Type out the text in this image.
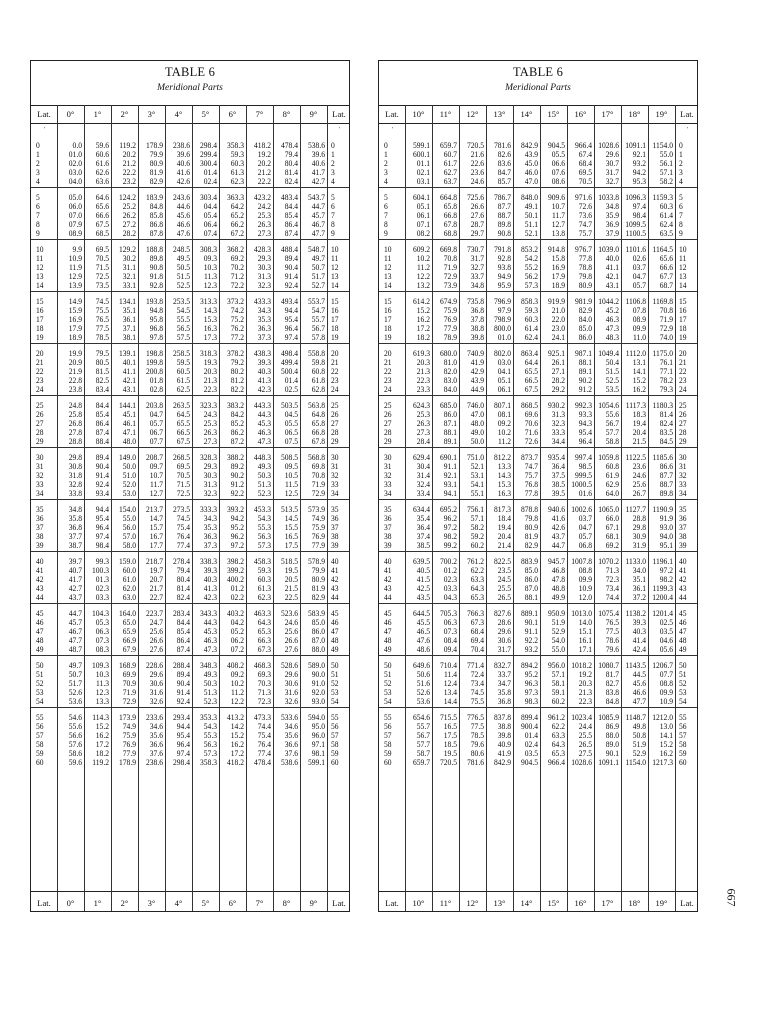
TABLE 6
Meridional Parts
Lat.	0°	1°	2°	3°	4°	5°	6°	7°	8°	9°	Lat.
Lat.	0°	1°	2°	3°	4°	5°	6°	7°	8°	9°	Lat.
′	′
0	0.0	59.6	119.2	178.9	238.6	298.4	358.3	418.2	478.4	538.6 0
1	01.0	60.6	20.2	79.9	39.6	299.4	59.3	19.2	79.4	39.6 1
2	02.0	61.6	21.2	80.9	40.6	300.4	60.3	20.2	80.4	40.6 2
3	03.0	62.6	22.2	81.9	41.6	01.4	61.3	21.2	81.4	41.7 3
4	04.0	63.6	23.2	82.9	42.6	02.4	62.3	22.2	82.4	42.7 4
5	05.0	64.6	124.2	183.9	243.6	303.4	363.3	423.2	483.4	543.7 5
6	06.0	65.6	25.2	84.8	44.6	04.4	64.2	24.2	84.4	44.7 6
7	07.0	66.6	26.2	85.8	45.6	05.4	65.2	25.3	85.4	45.7 7
8	07.9	67.5	27.2	86.8	46.6	06.4	66.2	26.3	86.4	46.7 8
9	08.9	68.5	28.2	87.8	47.6	07.4	67.2	27.3	87.4	47.7 9
10	9.9	69.5	129.2	188.8	248.5	308.3	368.2	428.3	488.4	548.7 10
11	10.9	70.5	30.2	89.8	49.5	09.3	69.2	29.3	89.4	49.7 11
12	11.9	71.5	31.1	90.8	50.5	10.3	70.2	30.3	90.4	50.7 12
13	12.9	72.5	32.1	91.8	51.5	11.3	71.2	31.3	91.4	51.7 13
14	13.9	73.5	33.1	92.8	52.5	12.3	72.2	32.3	92.4	52.7 14
15	14.9	74.5	134.1	193.8	253.5	313.3	373.2	433.3	493.4	553.7 15
16	15.9	75.5	35.1	94.8	54.5	14.3	74.2	34.3	94.4	54.7 16
17	16.9	76.5	36.1	95.8	55.5	15.3	75.2	35.3	95.4	55.7 17
18	17.9	77.5	37.1	96.8	56.5	16.3	76.2	36.3	96.4	56.7 18
19	18.9	78.5	38.1	97.8	57.5	17.3	77.2	37.3	97.4	57.8 19
20	19.9	79.5	139.1	198.8	258.5	318.3	378.2	438.3	498.4	558.8 20
21	20.9	80.5	40.1	199.8	59.5	19.3	79.2	39.3	499.4	59.8 21
22	21.9	81.5	41.1	200.8	60.5	20.3	80.2	40.3	500.4	60.8 22
23	22.8	82.5	42.1	01.8	61.5	21.3	81.2	41.3	01.4	61.8 23
24	23.8	83.4	43.1	02.8	62.5	22.3	82.2	42.3	02.5	62.8 24
25	24.8	84.4	144.1	203.8	263.5	323.3	383.2	443.3	503.5	563.8 25
26	25.8	85.4	45.1	04.7	64.5	24.3	84.2	44.3	04.5	64.8 26
27	26.8	86.4	46.1	05.7	65.5	25.3	85.2	45.3	05.5	65.8 27
28	27.8	87.4	47.1	06.7	66.5	26.3	86.2	46.3	06.5	66.8 28
29	28.8	88.4	48.0	07.7	67.5	27.3	87.2	47.3	07.5	67.8 29
30	29.8	89.4	149.0	208.7	268.5	328.3	388.2	448.3	508.5	568.8 30
31	30.8	90.4	50.0	09.7	69.5	29.3	89.2	49.3	09.5	69.8 31
32	31.8	91.4	51.0	10.7	70.5	30.3	90.2	50.3	10.5	70.8 32
33	32.8	92.4	52.0	11.7	71.5	31.3	91.2	51.3	11.5	71.9 33
34	33.8	93.4	53.0	12.7	72.5	32.3	92.2	52.3	12.5	72.9 34
35	34.8	94.4	154.0	213.7	273.5	333.3	393.2	453.3	513.5	573.9 35
36	35.8	95.4	55.0	14.7	74.5	34.3	94.2	54.3	14.5	74.9 36
37	36.8	96.4	56.0	15.7	75.4	35.3	95.2	55.3	15.5	75.9 37
38	37.7	97.4	57.0	16.7	76.4	36.3	96.2	56.3	16.5	76.9 38
39	38.7	98.4	58.0	17.7	77.4	37.3	97.2	57.3	17.5	77.9 39
40	39.7	99.3	159.0	218.7	278.4	338.3	398.2	458.3	518.5	578.9 40
41	40.7	100.3	60.0	19.7	79.4	39.3	399.2	59.3	19.5	79.9 41
42	41.7	01.3	61.0	20.7	80.4	40.3	400.2	60.3	20.5	80.9 42
43	42.7	02.3	62.0	21.7	81.4	41.3	01.2	61.3	21.5	81.9 43
44	43.7	03.3	63.0	22.7	82.4	42.3	02.2	62.3	22.5	82.9 44
45	44.7	104.3	164.0	223.7	283.4	343.3	403.2	463.3	523.6	583.9 45
46	45.7	05.3	65.0	24.7	84.4	44.3	04.2	64.3	24.6	85.0 46
47	46.7	06.3	65.9	25.6	85.4	45.3	05.2	65.3	25.6	86.0 47
48	47.7	07.3	66.9	26.6	86.4	46.3	06.2	66.3	26.6	87.0 48
49	48.7	08.3	67.9	27.6	87.4	47.3	07.2	67.3	27.6	88.0 49
50	49.7	109.3	168.9	228.6	288.4	348.3	408.2	468.3	528.6	589.0 50
51	50.7	10.3	69.9	29.6	89.4	49.3	09.2	69.3	29.6	90.0 51
52	51.7	11.3	70.9	30.6	90.4	50.3	10.2	70.3	30.6	91.0 52
53	52.6	12.3	71.9	31.6	91.4	51.3	11.2	71.3	31.6	92.0 53
54	53.6	13.3	72.9	32.6	92.4	52.3	12.2	72.3	32.6	93.0 54
55	54.6	114.3	173.9	233.6	293.4	353.3	413.2	473.3	533.6	594.0 55
56	55.6	15.2	74.9	34.6	94.4	54.3	14.2	74.4	34.6	95.0 56
57	56.6	16.2	75.9	35.6	95.4	55.3	15.2	75.4	35.6	96.0 57
58	57.6	17.2	76.9	36.6	96.4	56.3	16.2	76.4	36.6	97.1 58
59	58.6	18.2	77.9	37.6	97.4	57.3	17.2	77.4	37.6	98.1 59
60	59.6	119.2	178.9	238.6	298.4	358.3	418.2	478.4	538.6	599.1 60
TABLE 6
Meridional Parts
Lat.	10°	11°	12°	13°	14°	15°	16°	17°	18°	19°	Lat.
Lat.	10°	11°	12°	13°	14°	15°	16°	17°	18°	19°	Lat.
′	′
0	599.1	659.7	720.5	781.6	842.9	904.5	966.4 1028.6 1091.1 1154.0 0
1	600.1	60.7	21.6	82.6	43.9	05.5	67.4	29.6	92.1	55.0 1
2	01.1	61.7	22.6	83.6	45.0	06.6	68.4	30.7	93.2	56.1 2
3	02.1	62.7	23.6	84.7	46.0	07.6	69.5	31.7	94.2	57.1 3
4	03.1	63.7	24.6	85.7	47.0	08.6	70.5	32.7	95.3	58.2 4
5	604.1	664.8	725.6	786.7	848.0	909.6	971.6 1033.8 1096.3 1159.3 5
6	05.1	65.8	26.6	87.7	49.1	10.7	72.6	34.8	97.4	60.3 6
7	06.1	66.8	27.6	88.7	50.1	11.7	73.6	35.9	98.4	61.4 7
8	07.1	67.8	28.7	89.8	51.1	12.7	74.7	36.9 1099.5	62.4 8
9	08.2	68.8	29.7	90.8	52.1	13.8	75.7	37.9 1100.5	63.5 9
10	609.2	669.8	730.7	791.8	853.2	914.8	976.7 1039.0 1101.6 1164.5 10
11	10.2	70.8	31.7	92.8	54.2	15.8	77.8	40.0	02.6	65.6 11
12	11.2	71.9	32.7	93.8	55.2	16.9	78.8	41.1	03.7	66.6 12
13	12.2	72.9	33.7	94.9	56.2	17.9	79.8	42.1	04.7	67.7 13
14	13.2	73.9	34.8	95.9	57.3	18.9	80.9	43.1	05.7	68.7 14
15	614.2	674.9	735.8	796.9	858.3	919.9	981.9 1044.2 1106.8 1169.8 15
16	15.2	75.9	36.8	97.9	59.3	21.0	82.9	45.2	07.8	70.8 16
17	16.2	76.9	37.8	798.9	60.3	22.0	84.0	46.3	08.9	71.9 17
18	17.2	77.9	38.8	800.0	61.4	23.0	85.0	47.3	09.9	72.9 18
19	18.2	78.9	39.8	01.0	62.4	24.1	86.0	48.3	11.0	74.0 19
20	619.3	680.0	740.9	802.0	863.4	925.1	987.1 1049.4 1112.0 1175.0 20
21	20.3	81.0	41.9	03.0	64.4	26.1	88.1	50.4	13.1	76.1 21
22	21.3	82.0	42.9	04.1	65.5	27.1	89.1	51.5	14.1	77.1 22
23	22.3	83.0	43.9	05.1	66.5	28.2	90.2	52.5	15.2	78.2 23
24	23.3	84.0	44.9	06.1	67.5	29.2	91.2	53.5	16.2	79.3 24
25	624.3	685.0	746.0	807.1	868.5	930.2	992.3 1054.6 1117.3 1180.3 25
26	25.3	86.0	47.0	08.1	69.6	31.3	93.3	55.6	18.3	81.4 26
27	26.3	87.1	48.0	09.2	70.6	32.3	94.3	56.7	19.4	82.4 27
28	27.3	88.1	49.0	10.2	71.6	33.3	95.4	57.7	20.4	83.5 28
29	28.4	89.1	50.0	11.2	72.6	34.4	96.4	58.8	21.5	84.5 29
30	629.4	690.1	751.0	812.2	873.7	935.4	997.4 1059.8 1122.5 1185.6 30
31	30.4	91.1	52.1	13.3	74.7	36.4	98.5	60.8	23.6	86.6 31
32	31.4	92.1	53.1	14.3	75.7	37.5	999.5	61.9	24.6	87.7 32
33	32.4	93.1	54.1	15.3	76.8	38.5 1000.5	62.9	25.6	88.7 33
34	33.4	94.1	55.1	16.3	77.8	39.5	01.6	64.0	26.7	89.8 34
35	634.4	695.2	756.1	817.3	878.8	940.6 1002.6 1065.0 1127.7 1190.9 35
36	35.4	96.2	57.1	18.4	79.8	41.6	03.7	66.0	28.8	91.9 36
37	36.4	97.2	58.2	19.4	80.9	42.6	04.7	67.1	29.8	93.0 37
38	37.4	98.2	59.2	20.4	81.9	43.7	05.7	68.1	30.9	94.0 38
39	38.5	99.2	60.2	21.4	82.9	44.7	06.8	69.2	31.9	95.1 39
40	639.5	700.2	761.2	822.5	883.9	945.7 1007.8 1070.2 1133.0 1196.1 40
41	40.5	01.2	62.2	23.5	85.0	46.8	08.8	71.3	34.0	97.2 41
42	41.5	02.3	63.3	24.5	86.0	47.8	09.9	72.3	35.1	98.2 42
43	42.5	03.3	64.3	25.5	87.0	48.8	10.9	73.4	36.1 1199.3 43
44	43.5	04.3	65.3	26.5	88.1	49.9	12.0	74.4	37.2 1200.4 44
45	644.5	705.3	766.3	827.6	889.1	950.9 1013.0 1075.4 1138.2 1201.4 45
46	45.5	06.3	67.3	28.6	90.1	51.9	14.0	76.5	39.3	02.5 46
47	46.5	07.3	68.4	29.6	91.1	52.9	15.1	77.5	40.3	03.5 47
48	47.6	08.4	69.4	30.6	92.2	54.0	16.1	78.6	41.4	04.6 48
49	48.6	09.4	70.4	31.7	93.2	55.0	17.1	79.6	42.4	05.6 49
50	649.6	710.4	771.4	832.7	894.2	956.0 1018.2 1080.7 1143.5 1206.7 50
51	50.6	11.4	72.4	33.7	95.2	57.1	19.2	81.7	44.5	07.7 51
52	51.6	12.4	73.4	34.7	96.3	58.1	20.3	82.7	45.6	08.8 52
53	52.6	13.4	74.5	35.8	97.3	59.1	21.3	83.8	46.6	09.9 53
54	53.6	14.4	75.5	36.8	98.3	60.2	22.3	84.8	47.7	10.9 54
55	654.6	715.5	776.5	837.8	899.4	961.2 1023.4 1085.9 1148.7 1212.0 55
56	55.7	16.5	77.5	38.8	900.4	62.2	24.4	86.9	49.8	13.0 56
57	56.7	17.5	78.5	39.8	01.4	63.3	25.5	88.0	50.8	14.1 57
58	57.7	18.5	79.6	40.9	02.4	64.3	26.5	89.0	51.9	15.2 58
59	58.7	19.5	80.6	41.9	03.5	65.3	27.5	90.1	52.9	16.2 59
60	659.7	720.5	781.6	842.9	904.5	966.4 1028.6 1091.1 1154.0 1217.3 60
667
